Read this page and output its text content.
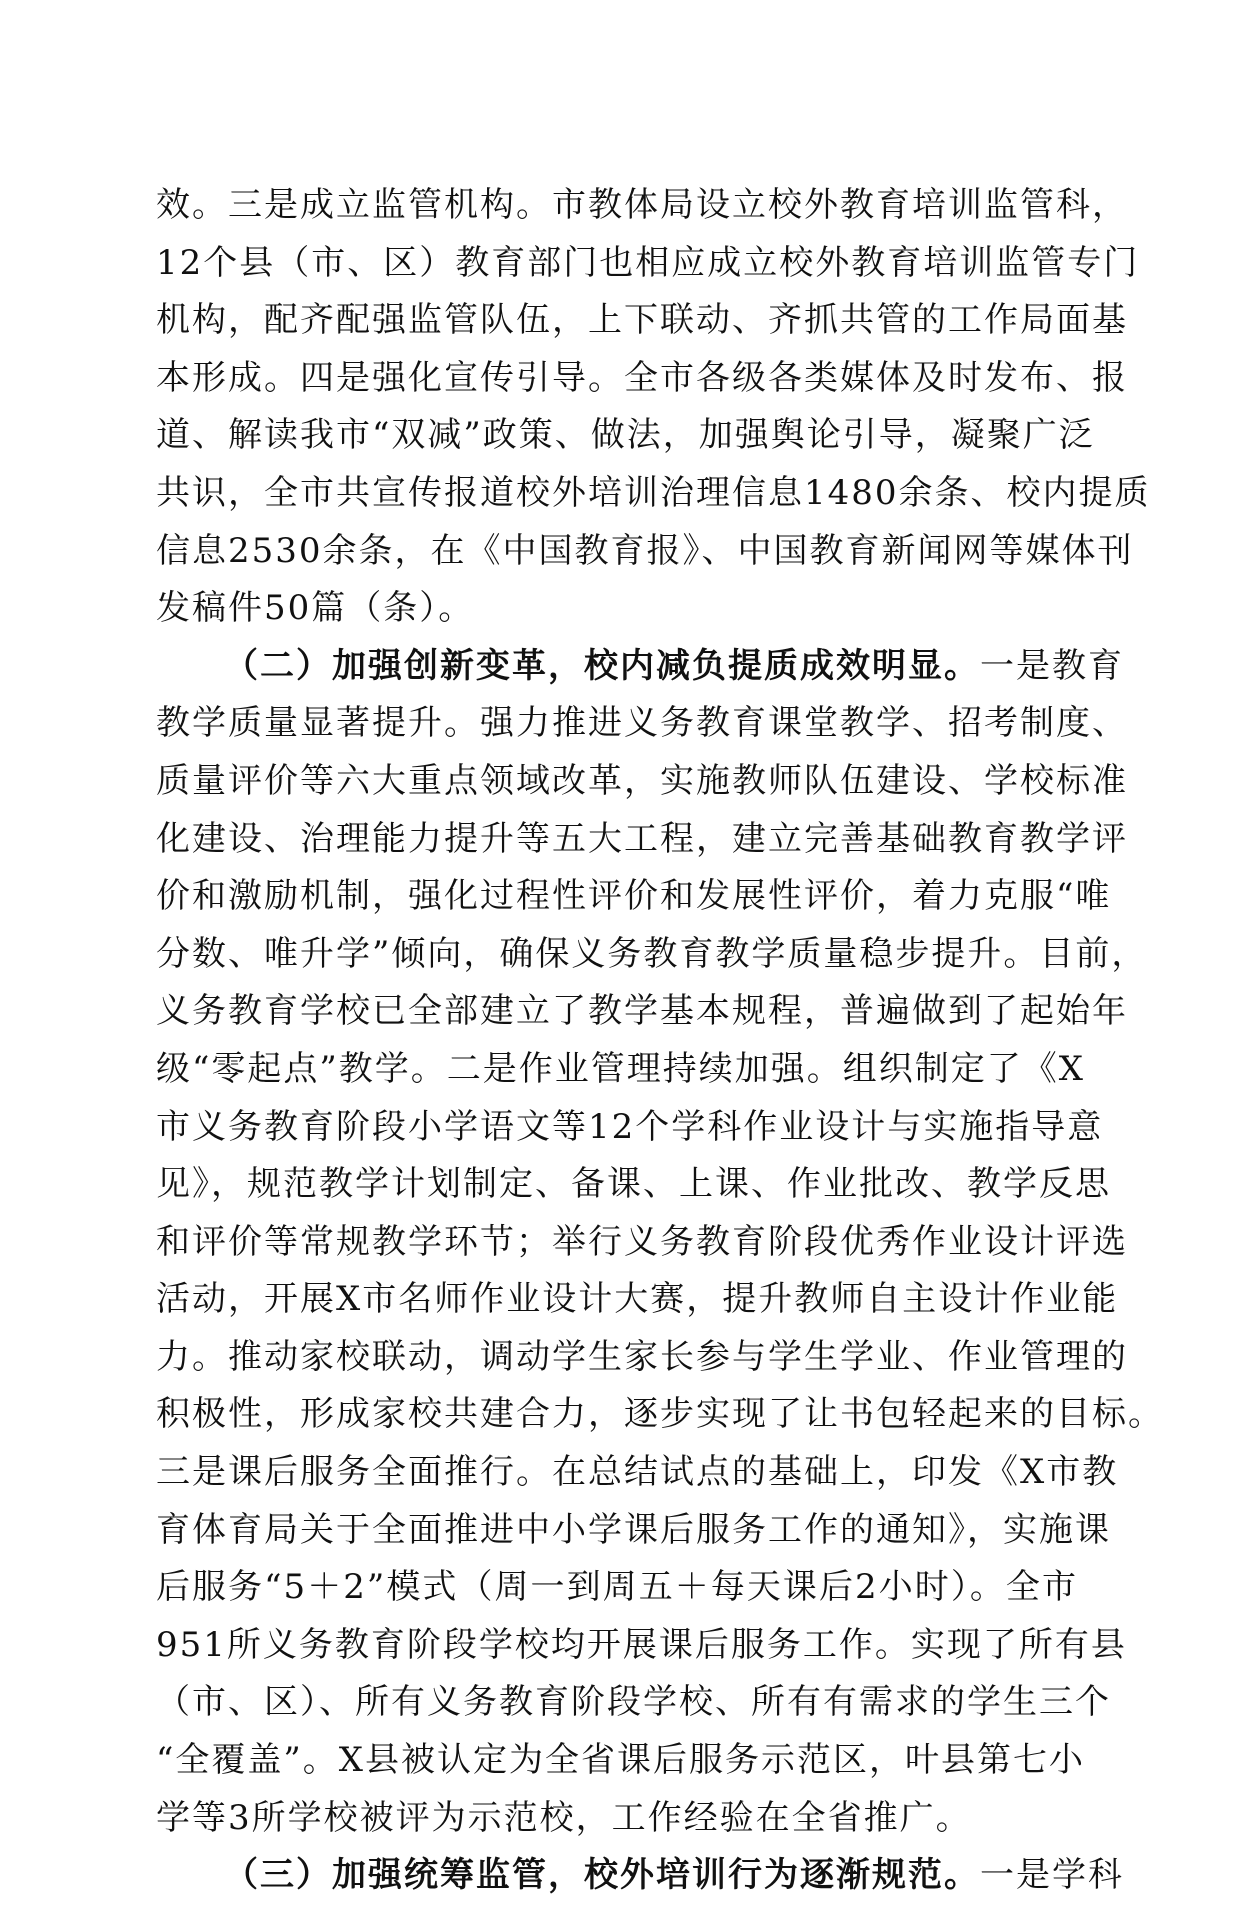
效。三是成立监管机构。市教体局设立校外教育培训监管科，
12个县（市、区）教育部门也相应成立校外教育培训监管专门
机构，配齐配强监管队伍，上下联动、齐抓共管的工作局面基
本形成。四是强化宣传引导。全市各级各类媒体及时发布、报
道、解读我市“双减”政策、做法，加强舆论引导，凝聚广泛
共识，全市共宣传报道校外培训治理信息1480余条、校内提质
信息2530余条，在《中国教育报》、中国教育新闻网等媒体刊
发稿件50篇（条）。
（二）加强创新变革，校内减负提质成效明显。一是教育
教学质量显著提升。强力推进义务教育课堂教学、招考制度、
质量评价等六大重点领域改革，实施教师队伍建设、学校标准
化建设、治理能力提升等五大工程，建立完善基础教育教学评
价和激励机制，强化过程性评价和发展性评价，着力克服“唯
分数、唯升学”倾向，确保义务教育教学质量稳步提升。目前，
义务教育学校已全部建立了教学基本规程，普遍做到了起始年
级“零起点”教学。二是作业管理持续加强。组织制定了《X
市义务教育阶段小学语文等12个学科作业设计与实施指导意
见》，规范教学计划制定、备课、上课、作业批改、教学反思
和评价等常规教学环节；举行义务教育阶段优秀作业设计评选
活动，开展X市名师作业设计大赛，提升教师自主设计作业能
力。推动家校联动，调动学生家长参与学生学业、作业管理的
积极性，形成家校共建合力，逐步实现了让书包轻起来的目标。
三是课后服务全面推行。在总结试点的基础上，印发《X市教
育体育局关于全面推进中小学课后服务工作的通知》，实施课
后服务“5＋2”模式（周一到周五＋每天课后2小时）。全市
951所义务教育阶段学校均开展课后服务工作。实现了所有县
（市、区）、所有义务教育阶段学校、所有有需求的学生三个
“全覆盖”。X县被认定为全省课后服务示范区，叶县第七小
学等3所学校被评为示范校，工作经验在全省推广。
（三）加强统筹监管，校外培训行为逐渐规范。一是学科
